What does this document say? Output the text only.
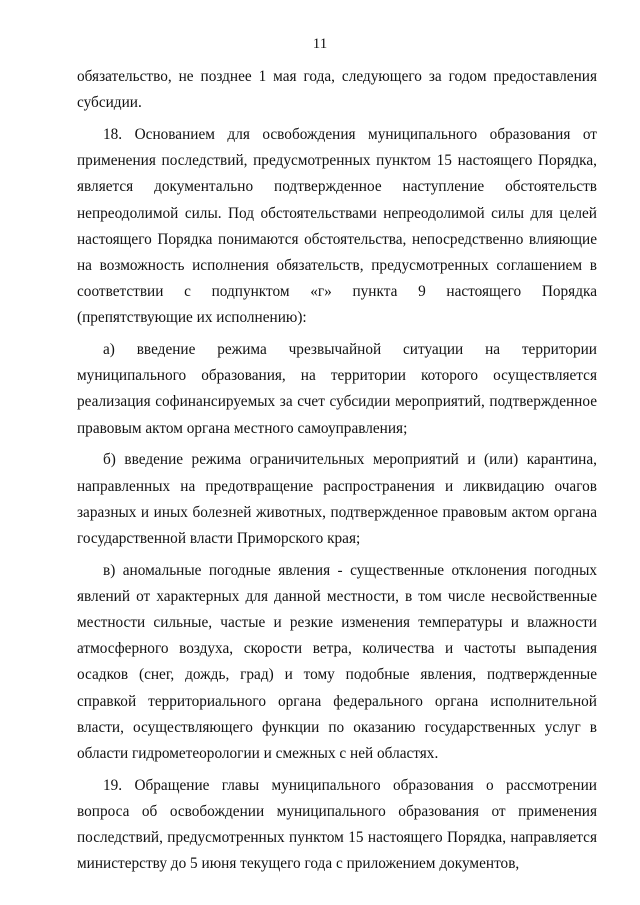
11

обязательство, не позднее 1 мая года, следующего за годом предоставления субсидии.

18. Основанием для освобождения муниципального образования от применения последствий, предусмотренных пунктом 15 настоящего Порядка, является документально подтвержденное наступление обстоятельств непреодолимой силы. Под обстоятельствами непреодолимой силы для целей настоящего Порядка понимаются обстоятельства, непосредственно влияющие на возможность исполнения обязательств, предусмотренных соглашением в соответствии с подпунктом «г» пункта 9 настоящего Порядка (препятствующие их исполнению):

а) введение режима чрезвычайной ситуации на территории муниципального образования, на территории которого осуществляется реализация софинансируемых за счет субсидии мероприятий, подтвержденное правовым актом органа местного самоуправления;

б) введение режима ограничительных мероприятий и (или) карантина, направленных на предотвращение распространения и ликвидацию очагов заразных и иных болезней животных, подтвержденное правовым актом органа государственной власти Приморского края;

в) аномальные погодные явления - существенные отклонения погодных явлений от характерных для данной местности, в том числе несвойственные местности сильные, частые и резкие изменения температуры и влажности атмосферного воздуха, скорости ветра, количества и частоты выпадения осадков (снег, дождь, град) и тому подобные явления, подтвержденные справкой территориального органа федерального органа исполнительной власти, осуществляющего функции по оказанию государственных услуг в области гидрометеорологии и смежных с ней областях.

19. Обращение главы муниципального образования о рассмотрении вопроса об освобождении муниципального образования от применения последствий, предусмотренных пунктом 15 настоящего Порядка, направляется министерству до 5 июня текущего года с приложением документов,
